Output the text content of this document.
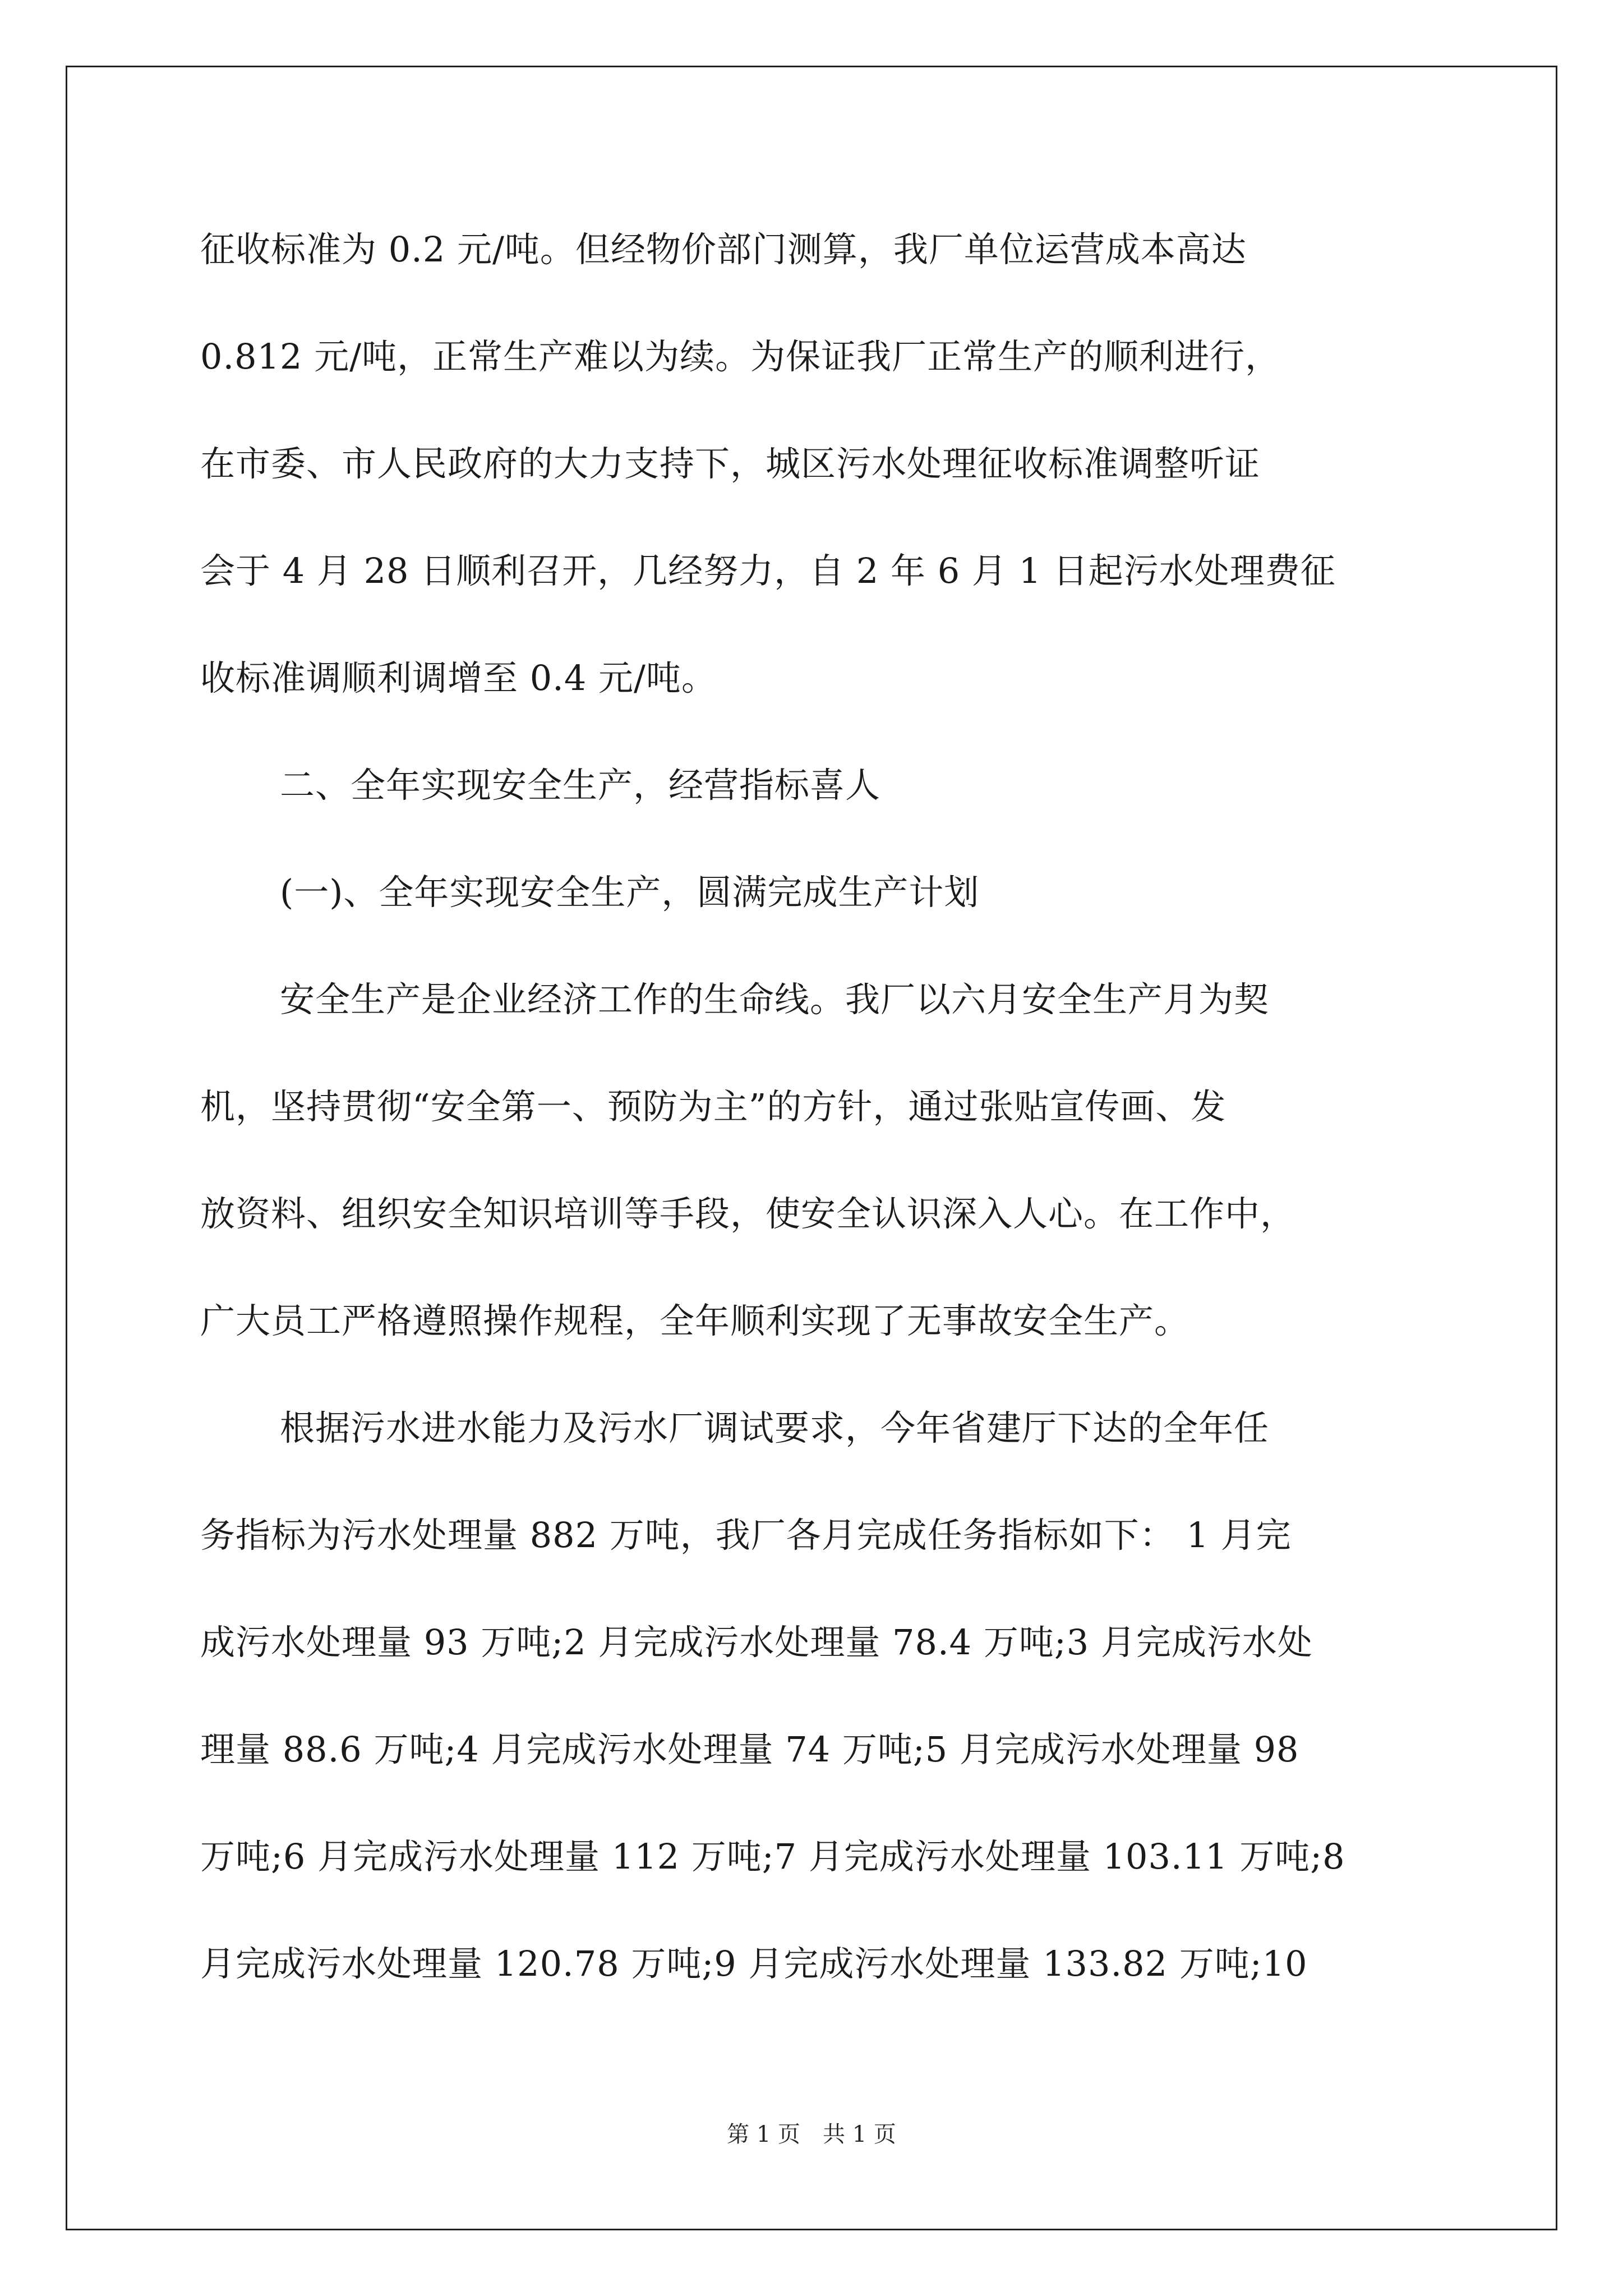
征收标准为 0.2 元/吨。但经物价部门测算，我厂单位运营成本高达
0.812 元/吨，正常生产难以为续。为保证我厂正常生产的顺利进行，
在市委、市人民政府的大力支持下，城区污水处理征收标准调整听证
会于 4 月 28 日顺利召开，几经努力，自 2 年 6 月 1 日起污水处理费征
收标准调顺利调增至 0.4 元/吨。
二、全年实现安全生产，经营指标喜人
(一)、全年实现安全生产，圆满完成生产计划
安全生产是企业经济工作的生命线。我厂以六月安全生产月为契
机，坚持贯彻“安全第一、预防为主”的方针，通过张贴宣传画、发
放资料、组织安全知识培训等手段，使安全认识深入人心。在工作中，
广大员工严格遵照操作规程，全年顺利实现了无事故安全生产。
根据污水进水能力及污水厂调试要求，今年省建厅下达的全年任
务指标为污水处理量 882 万吨，我厂各月完成任务指标如下： 1 月完
成污水处理量 93 万吨;2 月完成污水处理量 78.4 万吨;3 月完成污水处
理量 88.6 万吨;4 月完成污水处理量 74 万吨;5 月完成污水处理量 98
万吨;6 月完成污水处理量 112 万吨;7 月完成污水处理量 103.11 万吨;8
月完成污水处理量 120.78 万吨;9 月完成污水处理量 133.82 万吨;10
第 1 页 共 1 页
